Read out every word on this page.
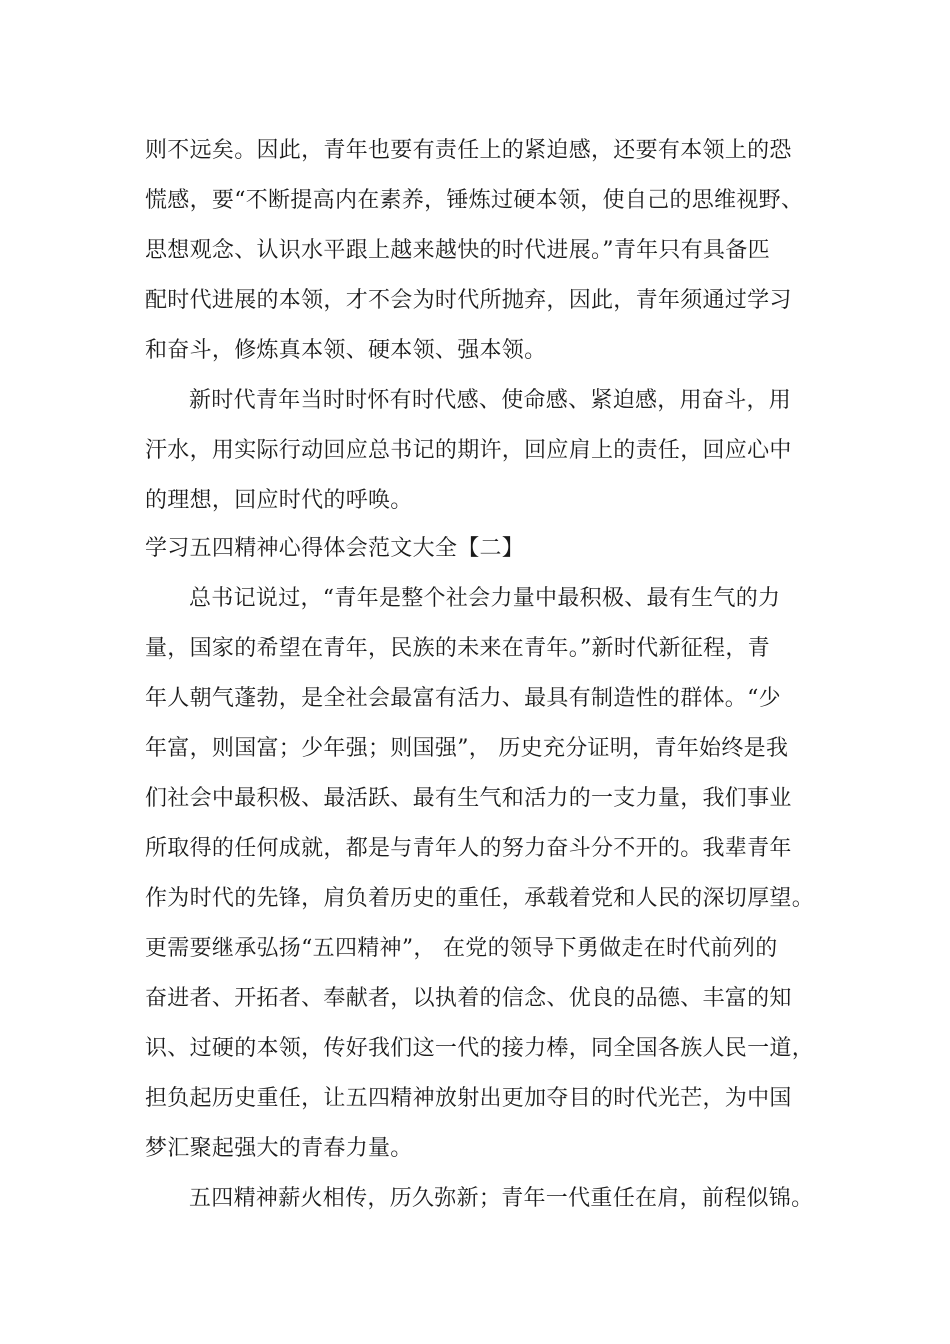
则不远矣。因此，青年也要有责任上的紧迫感，还要有本领上的恐
慌感，要“不断提高内在素养，锤炼过硬本领，使自己的思维视野、
思想观念、认识水平跟上越来越快的时代进展。”青年只有具备匹
配时代进展的本领，才不会为时代所抛弃，因此，青年须通过学习
和奋斗，修炼真本领、硬本领、强本领。
新时代青年当时时怀有时代感、使命感、紧迫感，用奋斗，用
汗水，用实际行动回应总书记的期许，回应肩上的责任，回应心中
的理想，回应时代的呼唤。
学习五四精神心得体会范文大全【二】
总书记说过，“青年是整个社会力量中最积极、最有生气的力
量，国家的希望在青年，民族的未来在青年。”新时代新征程，青
年人朝气蓬勃，是全社会最富有活力、最具有制造性的群体。“少
年富，则国富；少年强；则国强”， 历史充分证明，青年始终是我
们社会中最积极、最活跃、最有生气和活力的一支力量，我们事业
所取得的任何成就，都是与青年人的努力奋斗分不开的。我辈青年
作为时代的先锋，肩负着历史的重任，承载着党和人民的深切厚望。
更需要继承弘扬“五四精神”， 在党的领导下勇做走在时代前列的
奋进者、开拓者、奉献者，以执着的信念、优良的品德、丰富的知
识、过硬的本领，传好我们这一代的接力棒，同全国各族人民一道，
担负起历史重任，让五四精神放射出更加夺目的时代光芒，为中国
梦汇聚起强大的青春力量。
五四精神薪火相传，历久弥新；青年一代重任在肩，前程似锦。
